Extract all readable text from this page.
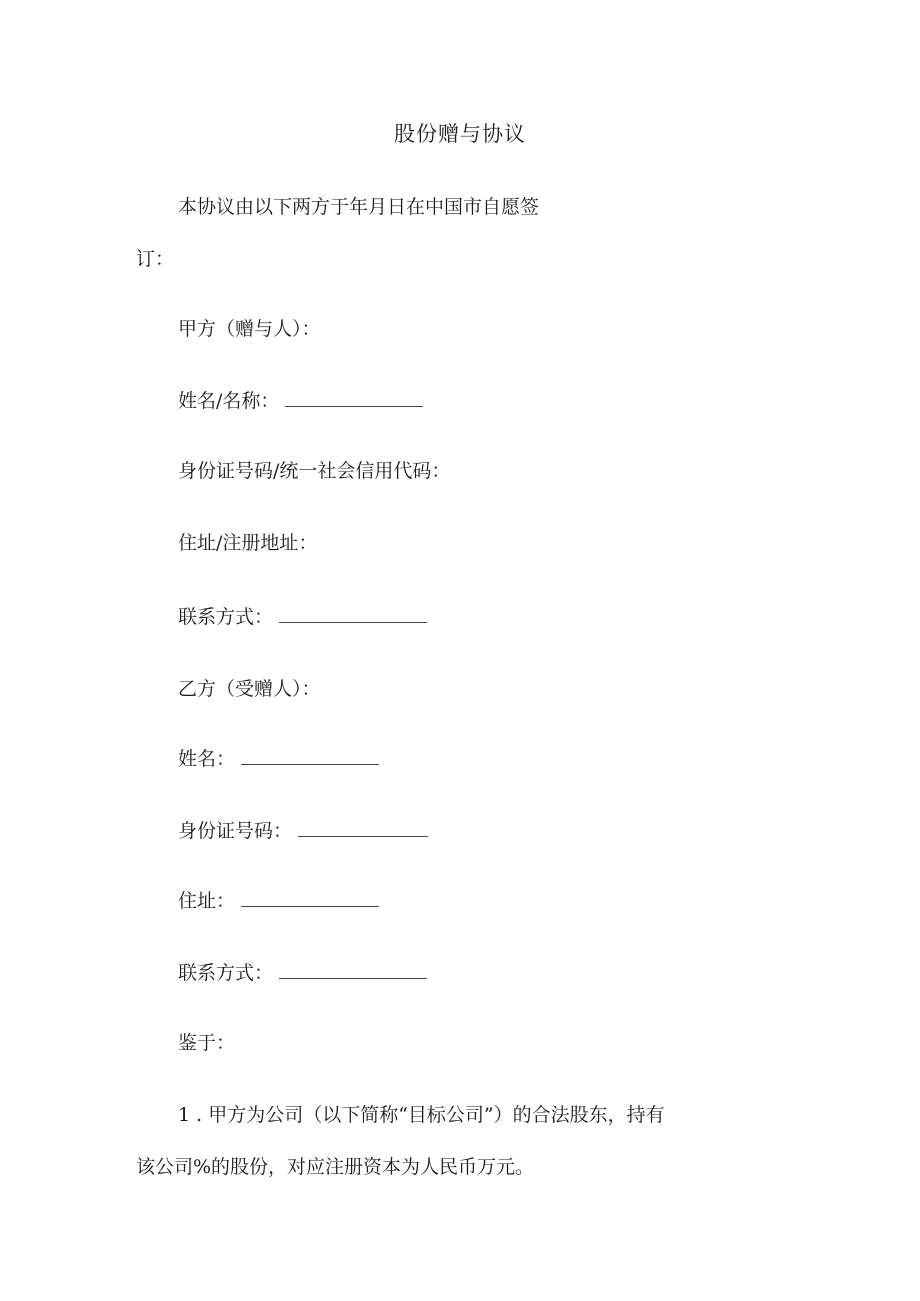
股份赠与协议
本协议由以下两方于年月日在中国市自愿签
订：
甲方（赠与人）：
姓名/名称：
身份证号码/统一社会信用代码：
住址/注册地址：
联系方式：
乙方（受赠人）：
姓名：
身份证号码：
住址：
联系方式：
鉴于：
1 . 甲方为公司（以下简称“目标公司”）的合法股东，持有
该公司%的股份，对应注册资本为人民币万元。
